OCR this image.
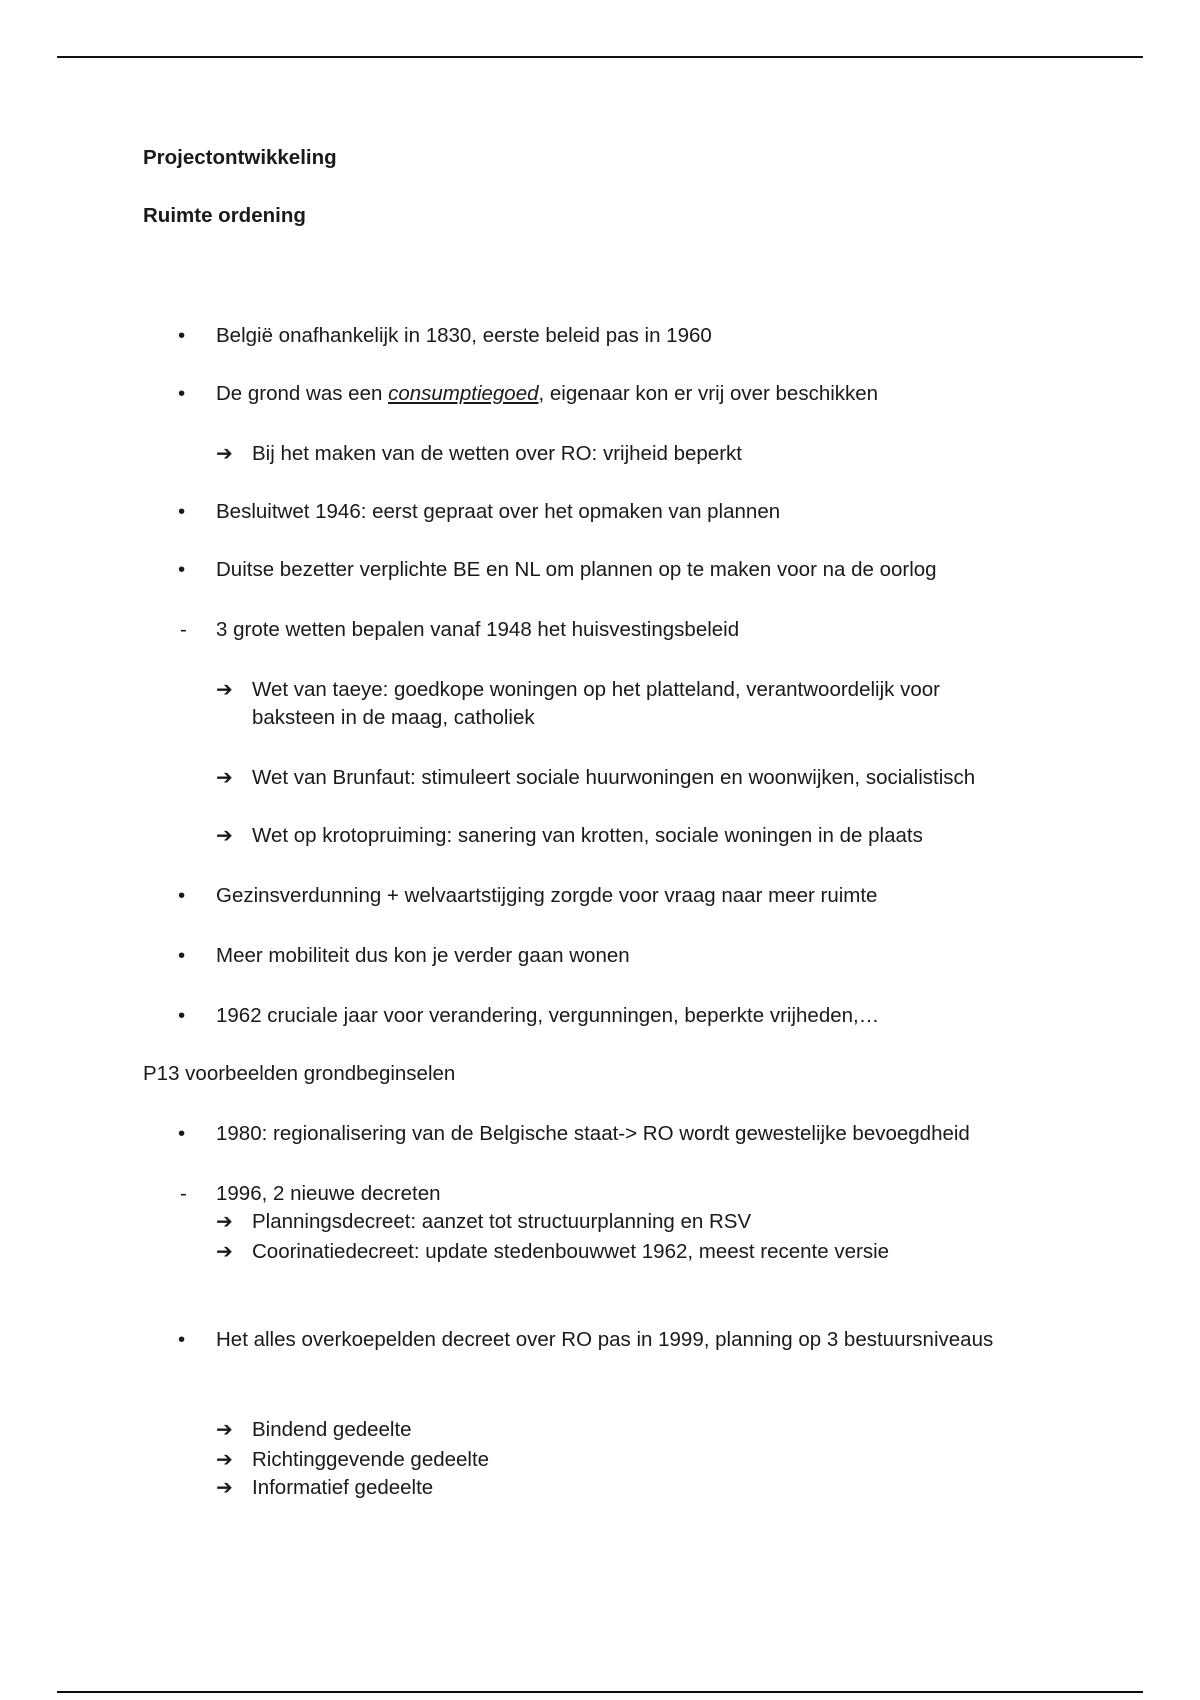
Projectontwikkeling
Ruimte ordening
• België onafhankelijk in 1830, eerste beleid pas in 1960
• De grond was een consumptiegoed, eigenaar kon er vrij over beschikken
➔ Bij het maken van de wetten over RO: vrijheid beperkt
• Besluitwet 1946: eerst gepraat over het opmaken van plannen
• Duitse bezetter verplichte BE en NL om plannen op te maken voor na de oorlog
- 3 grote wetten bepalen vanaf 1948 het huisvestingsbeleid
➔ Wet van taeye: goedkope woningen op het platteland, verantwoordelijk voor
baksteen in de maag, catholiek
➔ Wet van Brunfaut: stimuleert sociale huurwoningen en woonwijken, socialistisch
➔ Wet op krotopruiming: sanering van krotten, sociale woningen in de plaats
• Gezinsverdunning + welvaartstijging zorgde voor vraag naar meer ruimte
• Meer mobiliteit dus kon je verder gaan wonen
• 1962 cruciale jaar voor verandering, vergunningen, beperkte vrijheden,…
P13 voorbeelden grondbeginselen
• 1980: regionalisering van de Belgische staat-> RO wordt gewestelijke bevoegdheid
- 1996, 2 nieuwe decreten
➔ Planningsdecreet: aanzet tot structuurplanning en RSV
➔ Coorinatiedecreet: update stedenbouwwet 1962, meest recente versie
• Het alles overkoepelden decreet over RO pas in 1999, planning op 3 bestuursniveaus
➔ Bindend gedeelte
➔ Richtinggevende gedeelte
➔ Informatief gedeelte
